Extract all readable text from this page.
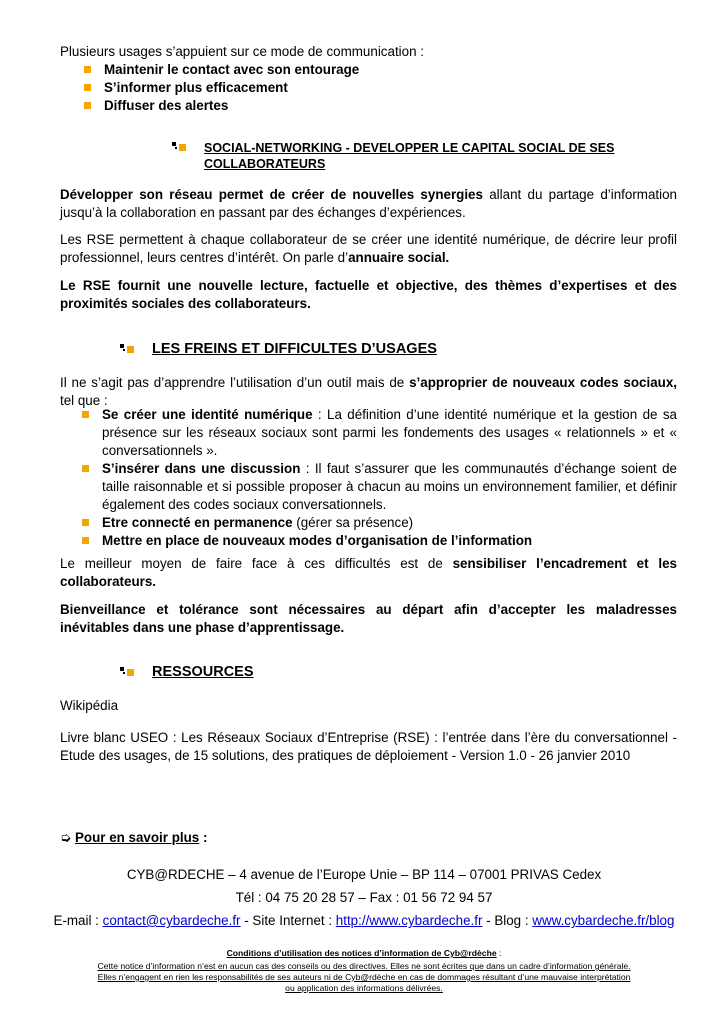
Plusieurs usages s’appuient sur ce mode de communication :
Maintenir le contact avec son entourage
S’informer plus efficacement
Diffuser des alertes
SOCIAL-NETWORKING - DEVELOPPER LE CAPITAL SOCIAL DE SES
COLLABORATEURS
Développer son réseau permet de créer de nouvelles synergies allant du partage d’information jusqu’à la collaboration en passant par des échanges d’expériences.
Les RSE permettent à chaque collaborateur de se créer une identité numérique, de décrire leur profil professionnel, leurs centres d’intérêt. On parle d’annuaire social.
Le RSE fournit une nouvelle lecture, factuelle et objective, des thèmes d’expertises et des proximités sociales des collaborateurs.
LES FREINS ET DIFFICULTES D’USAGES
Il ne s’agit pas d’apprendre l’utilisation d’un outil mais de s’approprier de nouveaux codes sociaux, tel que :
Se créer une identité numérique : La définition d’une identité numérique et la gestion de sa présence sur les réseaux sociaux sont parmi les fondements des usages « relationnels » et « conversationnels ».
S’insérer dans une discussion : Il faut s’assurer que les communautés d’échange soient de taille raisonnable et si possible proposer à chacun au moins un environnement familier, et définir également des codes sociaux conversationnels.
Etre connecté en permanence (gérer sa présence)
Mettre en place de nouveaux modes d’organisation de l’information
Le meilleur moyen de faire face à ces difficultés est de sensibiliser l’encadrement et les collaborateurs.
Bienveillance et tolérance sont nécessaires au départ afin d’accepter les maladresses inévitables dans une phase d’apprentissage.
RESSOURCES
Wikipédia
Livre blanc USEO : Les Réseaux Sociaux d’Entreprise (RSE) : l’entrée dans l’ère du conversationnel - Etude des usages, de 15 solutions, des pratiques de déploiement - Version 1.0 - 26 janvier 2010
➭ Pour en savoir plus :
CYB@RDECHE – 4 avenue de l’Europe Unie – BP 114 – 07001 PRIVAS Cedex
Tél : 04 75 20 28 57 – Fax : 01 56 72 94 57
E-mail : contact@cybardeche.fr - Site Internet : http://www.cybardeche.fr - Blog : www.cybardeche.fr/blog
Conditions d’utilisation des notices d’information de Cyb@rdèche :
Cette notice d’information n’est en aucun cas des conseils ou des directives. Elles ne sont écrites que dans un cadre d’information générale.
Elles n’engagent en rien les responsabilités de ses auteurs ni de Cyb@rdèche en cas de dommages résultant d’une mauvaise interprétation
ou application des informations délivrées.
